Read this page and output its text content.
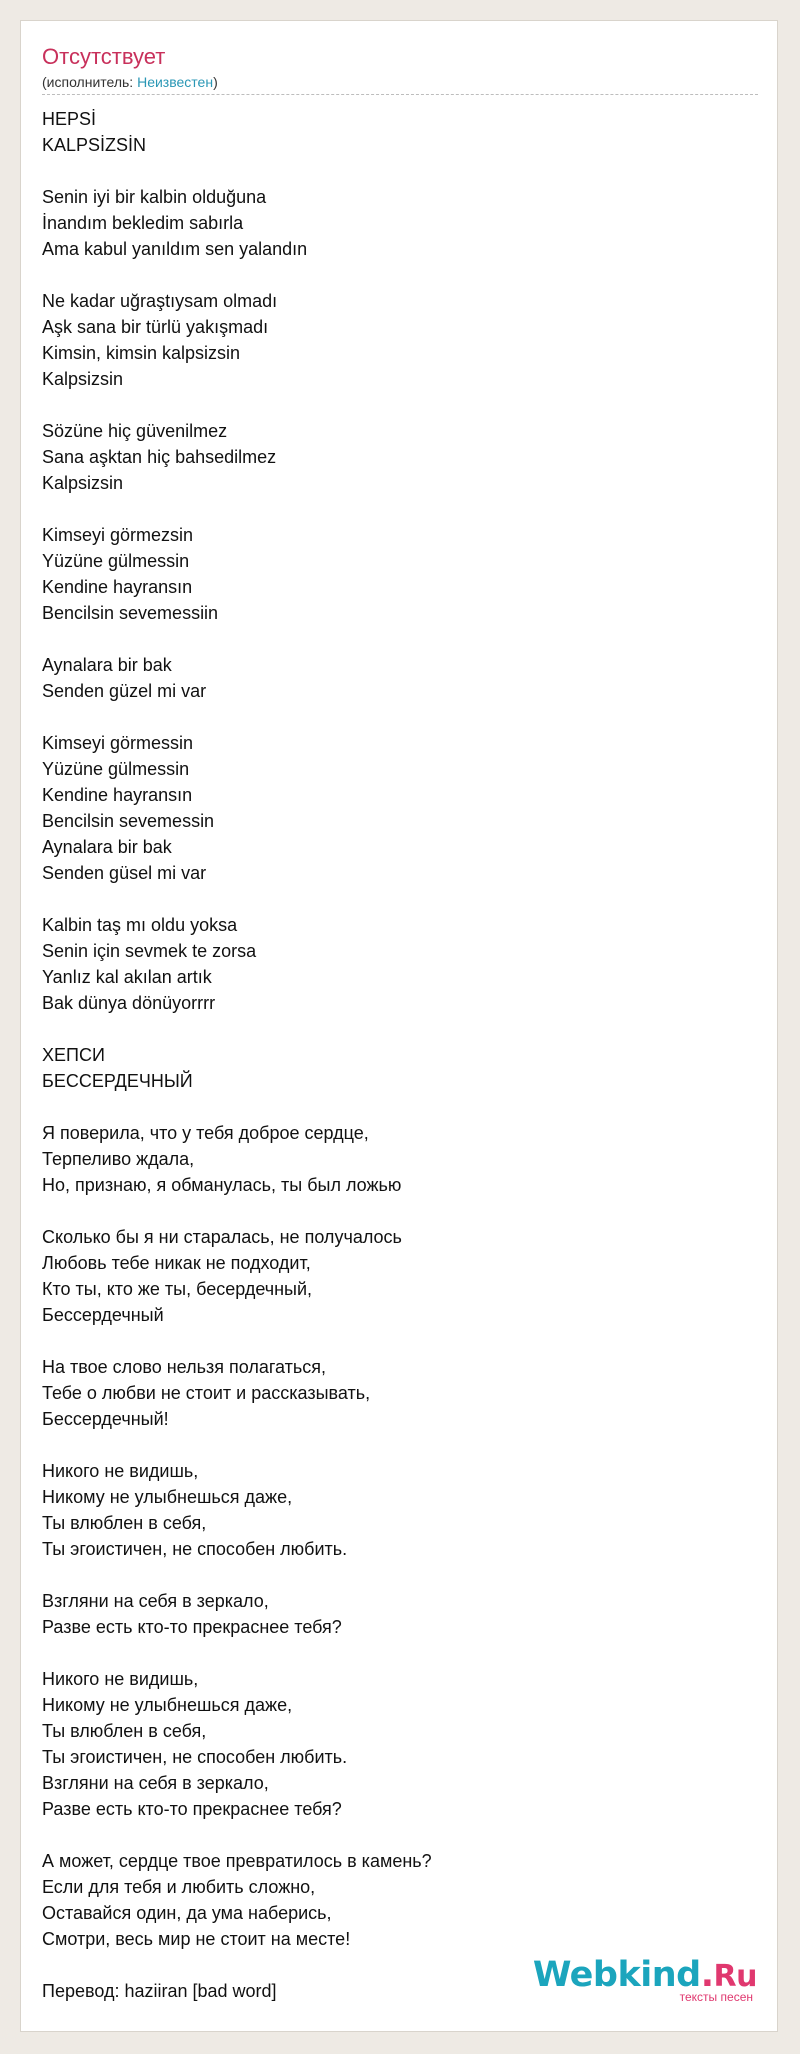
Отсутствует
(исполнитель: Неизвестен)
HEPSİ
KALPSİZSİN
Senin iyi bir kalbin olduğuna
İnandım bekledim sabırla
Ama kabul yanıldım sen yalandın
Ne kadar uğraştıysam olmadı
Aşk sana bir türlü yakışmadı
Kimsin, kimsin kalpsizsin
Kalpsizsin
Sözüne hiç güvenilmez
Sana aşktan hiç bahsedilmez
Kalpsizsin
Kimseyi görmezsin
Yüzüne gülmessin
Kendine hayransın
Bencilsin sevemessiin
Aynalara bir bak
Senden güzel mi var
Kimseyi görmessin
Yüzüne gülmessin
Kendine hayransın
Bencilsin sevemessin
Aynalara bir bak
Senden güsel mi var
Kalbin taş mı oldu yoksa
Senin için sevmek te zorsa
Yanlız kal akılan artık
Bak dünya dönüyorrrr
ХЕПСИ
БЕССЕРДЕЧНЫЙ
Я поверила, что у тебя доброе сердце,
Терпеливо ждала,
Но, признаю, я обманулась, ты был ложью
Сколько бы я ни старалась, не получалось
Любовь тебе никак не подходит,
Кто ты, кто же ты, бесердечный,
Бессердечный
На твое слово нельзя полагаться,
Тебе о любви не стоит и рассказывать,
Бессердечный!
Никого не видишь,
Никому не улыбнешься даже,
Ты влюблен в себя,
Ты эгоистичен, не способен любить.
Взгляни на себя в зеркало,
Разве есть кто-то прекраснее тебя?
Никого не видишь,
Никому не улыбнешься даже,
Ты влюблен в себя,
Ты эгоистичен, не способен любить.
Взгляни на себя в зеркало,
Разве есть кто-то прекраснее тебя?
А может, сердце твое превратилось в камень?
Если для тебя и любить сложно,
Оставайся один, да ума наберись,
Смотри, весь мир не стоит на месте!
Перевод: haziiran [bad word]	Webkind.Ru
тексты песен
